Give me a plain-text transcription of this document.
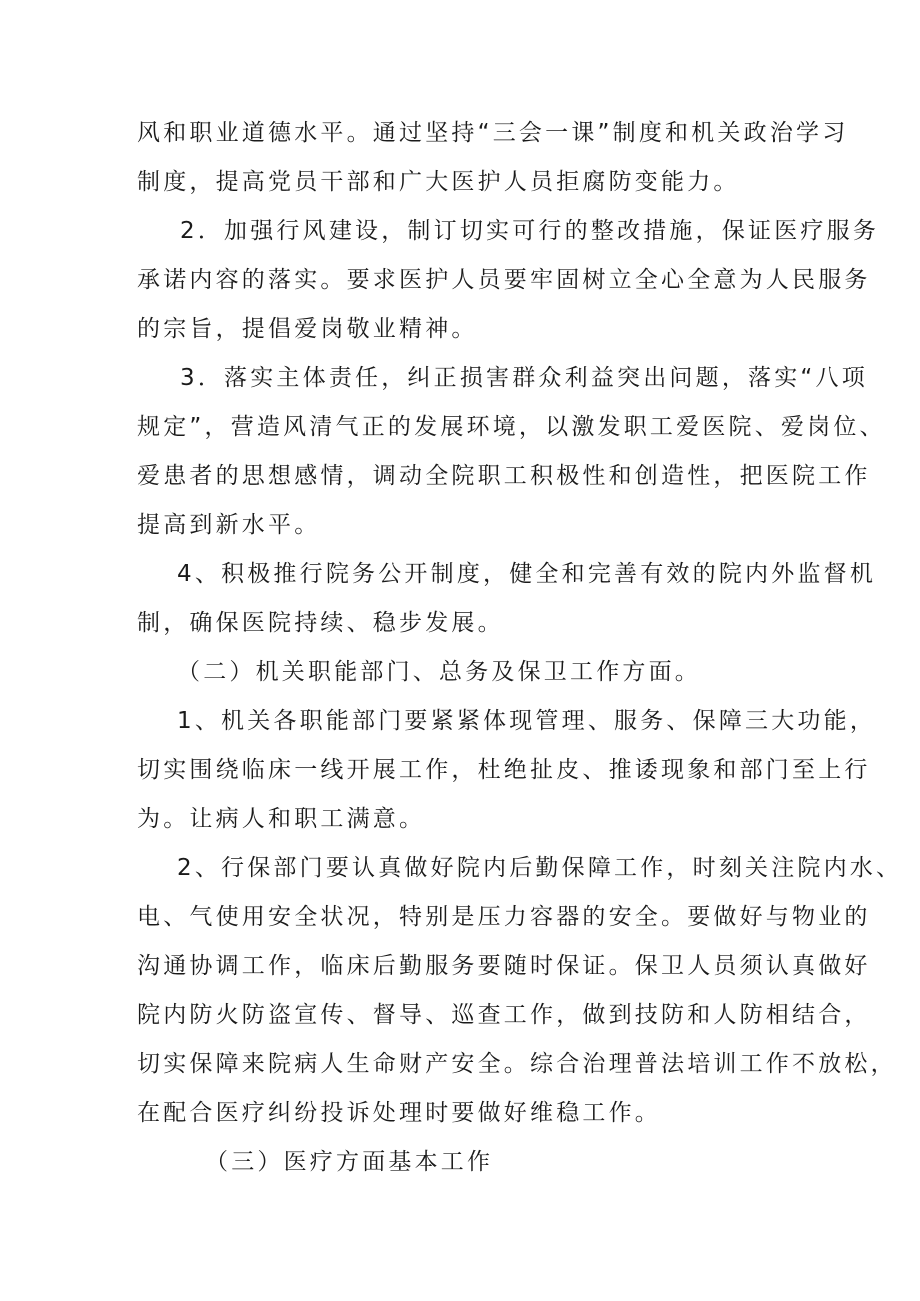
风和职业道德水平。通过坚持“三会一课”制度和机关政治学习
制度，提高党员干部和广大医护人员拒腐防变能力。
2．加强行风建设，制订切实可行的整改措施，保证医疗服务
承诺内容的落实。要求医护人员要牢固树立全心全意为人民服务
的宗旨，提倡爱岗敬业精神。
3．落实主体责任，纠正损害群众利益突出问题，落实“八项
规定”，营造风清气正的发展环境，以激发职工爱医院、爱岗位、
爱患者的思想感情，调动全院职工积极性和创造性，把医院工作
提高到新水平。
4、积极推行院务公开制度，健全和完善有效的院内外监督机
制，确保医院持续、稳步发展。
（二）机关职能部门、总务及保卫工作方面。
1、机关各职能部门要紧紧体现管理、服务、保障三大功能，
切实围绕临床一线开展工作，杜绝扯皮、推诿现象和部门至上行
为。让病人和职工满意。
2、行保部门要认真做好院内后勤保障工作，时刻关注院内水、
电、气使用安全状况，特别是压力容器的安全。要做好与物业的
沟通协调工作，临床后勤服务要随时保证。保卫人员须认真做好
院内防火防盗宣传、督导、巡查工作，做到技防和人防相结合，
切实保障来院病人生命财产安全。综合治理普法培训工作不放松，
在配合医疗纠纷投诉处理时要做好维稳工作。
（三）医疗方面基本工作
